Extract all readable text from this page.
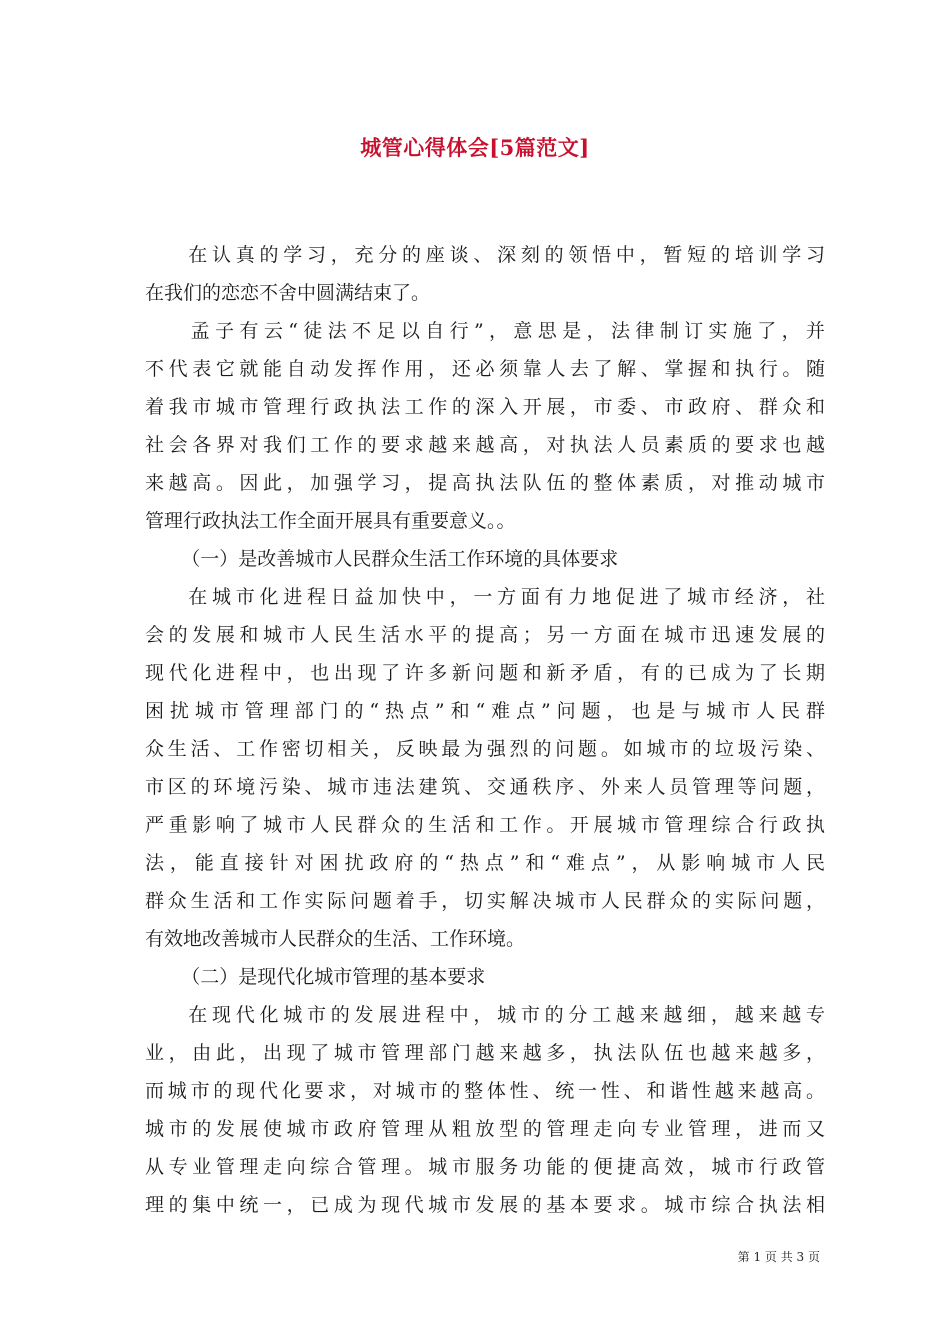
城管心得体会[5篇范文]
在认真的学习，充分的座谈、深刻的领悟中，暂短的培训学习
在我们的恋恋不舍中圆满结束了。
孟子有云“徒法不足以自行”，意思是，法律制订实施了，并
不代表它就能自动发挥作用，还必须靠人去了解、掌握和执行。随
着我市城市管理行政执法工作的深入开展，市委、市政府、群众和
社会各界对我们工作的要求越来越高，对执法人员素质的要求也越
来越高。因此，加强学习，提高执法队伍的整体素质，对推动城市
管理行政执法工作全面开展具有重要意义。。
（一）是改善城市人民群众生活工作环境的具体要求
在城市化进程日益加快中，一方面有力地促进了城市经济，社
会的发展和城市人民生活水平的提高；另一方面在城市迅速发展的
现代化进程中，也出现了许多新问题和新矛盾，有的已成为了长期
困扰城市管理部门的“热点”和“难点”问题，也是与城市人民群
众生活、工作密切相关，反映最为强烈的问题。如城市的垃圾污染、
市区的环境污染、城市违法建筑、交通秩序、外来人员管理等问题，
严重影响了城市人民群众的生活和工作。开展城市管理综合行政执
法，能直接针对困扰政府的“热点”和“难点”，从影响城市人民
群众生活和工作实际问题着手，切实解决城市人民群众的实际问题，
有效地改善城市人民群众的生活、工作环境。
（二）是现代化城市管理的基本要求
在现代化城市的发展进程中，城市的分工越来越细，越来越专
业，由此，出现了城市管理部门越来越多，执法队伍也越来越多，
而城市的现代化要求，对城市的整体性、统一性、和谐性越来越高。
城市的发展使城市政府管理从粗放型的管理走向专业管理，进而又
从专业管理走向综合管理。城市服务功能的便捷高效，城市行政管
理的集中统一，已成为现代城市发展的基本要求。城市综合执法相
第 1 页 共 3 页
